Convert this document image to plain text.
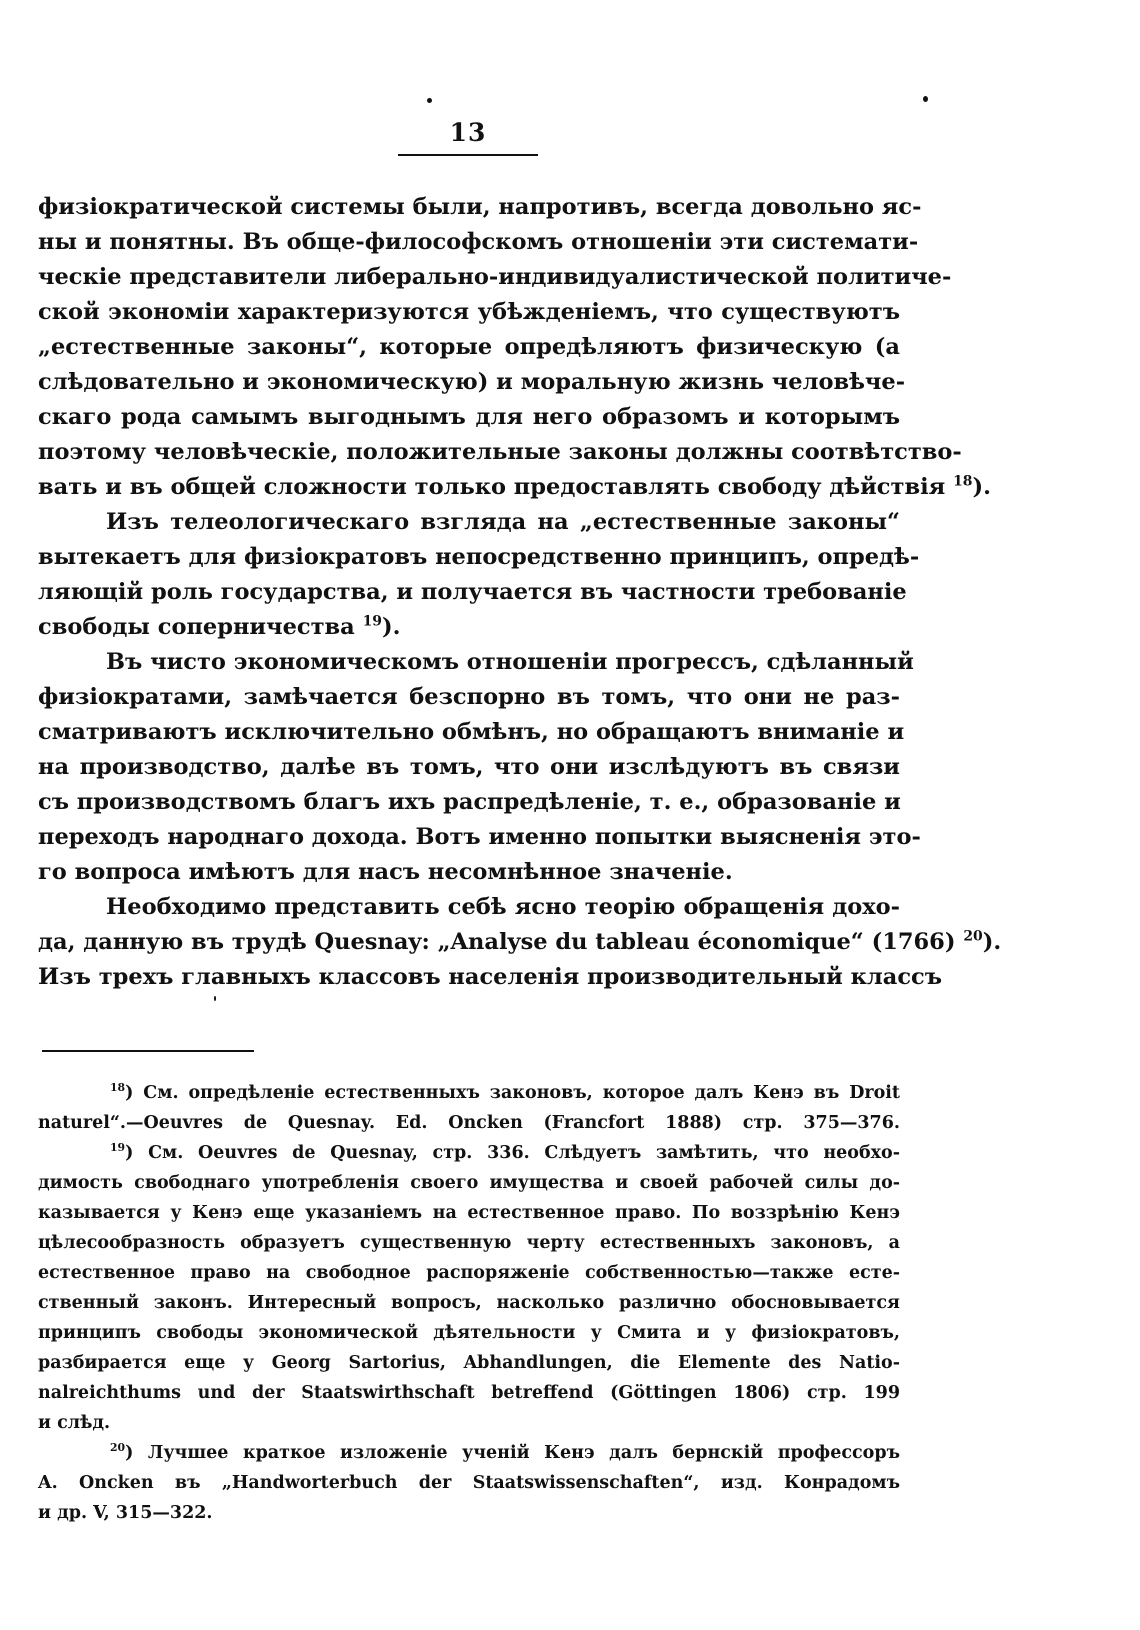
13
физіократической системы были, напротивъ, всегда довольно яс-
ны и понятны. Въ обще-философскомъ отношеніи эти системати-
ческіе представители либерально-индивидуалистической политиче-
ской экономіи характеризуются убѣжденіемъ, что существуютъ
„естественные законы“, которые опредѣляютъ физическую (а
слѣдовательно и экономическую) и моральную жизнь человѣче-
скаго рода самымъ выгоднымъ для него образомъ и которымъ
поэтому человѣческіе, положительные законы должны соотвѣтство-
вать и въ общей сложности только предоставлять свободу дѣйствія $^{18}$).
Изъ телеологическаго взгляда на „естественные законы“
вытекаетъ для физіократовъ непосредственно принципъ, опредѣ-
ляющій роль государства, и получается въ частности требованіе
свободы соперничества $^{19}$).
Въ чисто экономическомъ отношеніи прогрессъ, сдѣланный
физіократами, замѣчается безспорно въ томъ, что они не раз-
сматриваютъ исключительно обмѣнъ, но обращаютъ вниманіе и
на производство, далѣе въ томъ, что они изслѣдуютъ въ связи
съ производствомъ благъ ихъ распредѣленіе, т. е., образованіе и
переходъ народнаго дохода. Вотъ именно попытки выясненія это-
го вопроса имѣютъ для насъ несомнѣнное значеніе.
Необходимо представить себѣ ясно теорію обращенія дохо-
да, данную въ трудѣ Quesnay: „Analyse du tableau économique“ (1766) $^{20}$).
Изъ трехъ главныхъ классовъ населенія производительный классъ
$^{18}$) См. опредѣленіе естественныхъ законовъ, которое далъ Кенэ въ Droit
naturel“.—Oeuvres de Quesnay. Ed. Oncken (Francfort 1888) стр. 375—376.
$^{19}$) См. Oeuvres de Quesnay, стр. 336. Слѣдуетъ замѣтить, что необхо-
димость свободнаго употребленія своего имущества и своей рабочей силы до-
казывается у Кенэ еще указаніемъ на естественное право. По воззрѣнію Кенэ
цѣлесообразность образуетъ существенную черту естественныхъ законовъ, а
естественное право на свободное распоряженіе собственностью—также есте-
ственный законъ. Интересный вопросъ, насколько различно обосновывается
принципъ свободы экономической дѣятельности у Смита и у физіократовъ,
разбирается еще у Georg Sartorius, Abhandlungen, die Elemente des Natio-
nalreichthums und der Staatswirthschaft betreffend (Göttingen 1806) стр. 199
и слѣд.
$^{20}$) Лучшее краткое изложеніе ученій Кенэ далъ бернскій профессоръ
A. Oncken въ „Handworterbuch der Staatswissenschaften“, изд. Конрадомъ
и др. V, 315—322.
